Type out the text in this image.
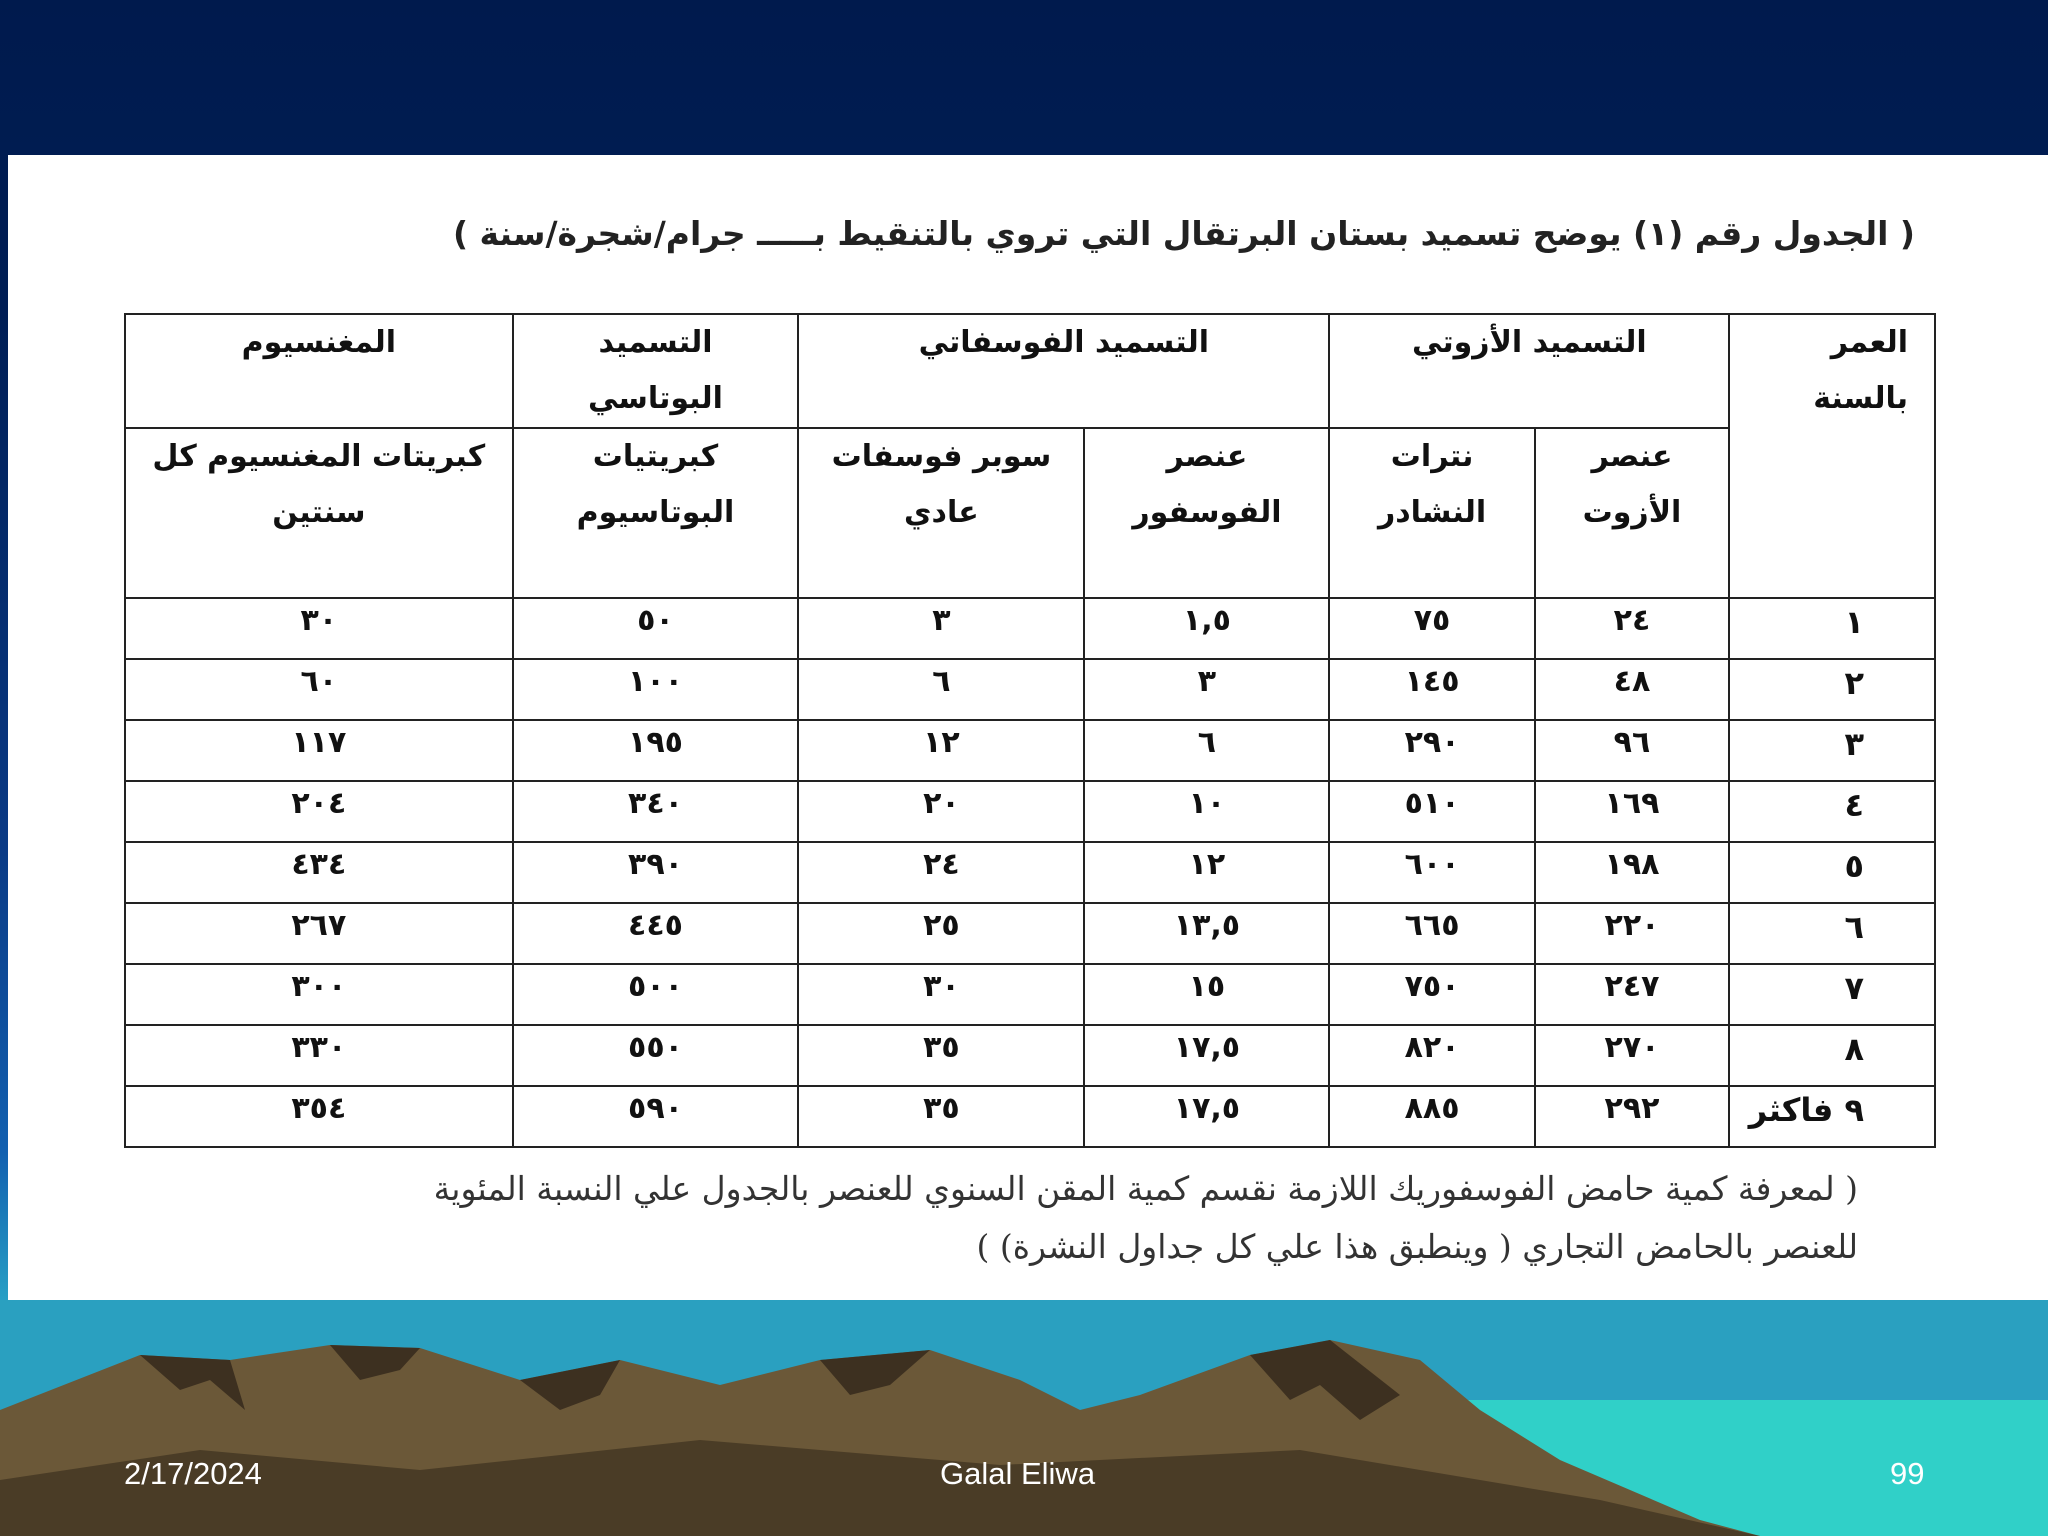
( الجدول رقم (١) يوضح تسميد بستان البرتقال التي تروي بالتنقيط بـــــ جرام/شجرة/سنة )
العمر بالسنة	التسميد الأزوتي		التسميد الفوسفاتي		التسميد البوتاسي	المغنسيوم
	عنصر الأزوت	نترات النشادر	عنصر الفوسفور	سوبر فوسفات عادي	كبريتيات البوتاسيوم	كبريتات المغنسيوم كل سنتين
١	٢٤	٧٥	١,٥	٣	٥٠	٣٠
٢	٤٨	١٤٥	٣	٦	١٠٠	٦٠
٣	٩٦	٢٩٠	٦	١٢	١٩٥	١١٧
٤	١٦٩	٥١٠	١٠	٢٠	٣٤٠	٢٠٤
٥	١٩٨	٦٠٠	١٢	٢٤	٣٩٠	٤٣٤
٦	٢٢٠	٦٦٥	١٣,٥	٢٥	٤٤٥	٢٦٧
٧	٢٤٧	٧٥٠	١٥	٣٠	٥٠٠	٣٠٠
٨	٢٧٠	٨٢٠	١٧,٥	٣٥	٥٥٠	٣٣٠
٩ فاكثر	٢٩٢	٨٨٥	١٧,٥	٣٥	٥٩٠	٣٥٤
( لمعرفة كمية حامض الفوسفوريك اللازمة نقسم كمية المقن السنوي للعنصر بالجدول علي النسبة المئوية
للعنصر بالحامض التجاري ( وينطبق هذا علي كل جداول النشرة) )
2/17/2024	Galal Eliwa	99
